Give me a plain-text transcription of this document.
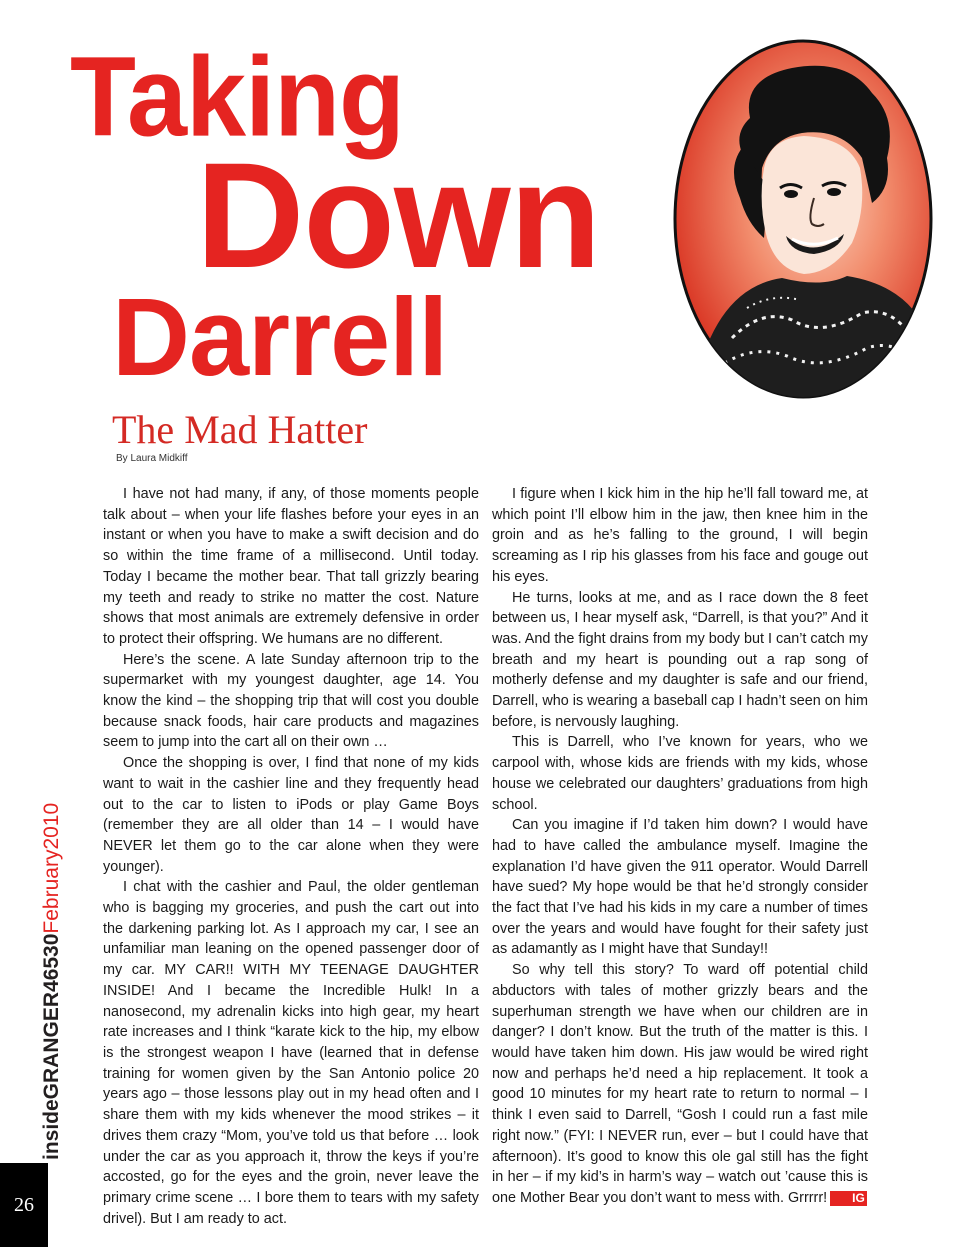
Taking
Down
Darrell
The Mad Hatter
By Laura Midkiff

I have not had many, if any, of those moments people talk about – when your life flashes before your eyes in an instant or when you have to make a swift decision and do so within the time frame of a millisecond. Until today. Today I became the mother bear. That tall grizzly bearing my teeth and ready to strike no matter the cost. Nature shows that most animals are extremely defensive in order to protect their offspring. We humans are no different.

Here’s the scene. A late Sunday afternoon trip to the supermarket with my youngest daughter, age 14. You know the kind – the shopping trip that will cost you double because snack foods, hair care products and magazines seem to jump into the cart all on their own …

Once the shopping is over, I find that none of my kids want to wait in the cashier line and they frequently head out to the car to listen to iPods or play Game Boys (remember they are all older than 14 – I would have NEVER let them go to the car alone when they were younger).

I chat with the cashier and Paul, the older gentleman who is bagging my groceries, and push the cart out into the darkening parking lot. As I approach my car, I see an unfamiliar man leaning on the opened passenger door of my car. MY CAR!! WITH MY TEENAGE DAUGHTER INSIDE! And I became the Incredible Hulk! In a nanosecond, my adrenalin kicks into high gear, my heart rate increases and I think “karate kick to the hip, my elbow is the strongest weapon I have (learned that in defense training for women given by the San Antonio police 20 years ago – those lessons play out in my head often and I share them with my kids whenever the mood strikes – it drives them crazy “Mom, you’ve told us that before … look under the car as you approach it, throw the keys if you’re accosted, go for the eyes and the groin, never leave the primary crime scene … I bore them to tears with my safety drivel). But I am ready to act.

I figure when I kick him in the hip he’ll fall toward me, at which point I’ll elbow him in the jaw, then knee him in the groin and as he’s falling to the ground, I will begin screaming as I rip his glasses from his face and gouge out his eyes.

He turns, looks at me, and as I race down the 8 feet between us, I hear myself ask, “Darrell, is that you?” And it was. And the fight drains from my body but I can’t catch my breath and my heart is pounding out a rap song of motherly defense and my daughter is safe and our friend, Darrell, who is wearing a baseball cap I hadn’t seen on him before, is nervously laughing.

This is Darrell, who I’ve known for years, who we carpool with, whose kids are friends with my kids, whose house we celebrated our daughters’ graduations from high school.

Can you imagine if I’d taken him down? I would have had to have called the ambulance myself. Imagine the explanation I’d have given the 911 operator. Would Darrell have sued? My hope would be that he’d strongly consider the fact that I’ve had his kids in my care a number of times over the years and would have fought for their safety just as adamantly as I might have that Sunday!!

So why tell this story? To ward off potential child abductors with tales of mother grizzly bears and the superhuman strength we have when our children are in danger? I don’t know. But the truth of the matter is this. I would have taken him down. His jaw would be wired right now and perhaps he’d need a hip replacement. It took a good 10 minutes for my heart rate to return to normal – I think I even said to Darrell, “Gosh I could run a fast mile right now.” (FYI: I NEVER run, ever – but I could have that afternoon). It’s good to know this ole gal still has the fight in her – if my kid’s in harm’s way – watch out ’cause this is one Mother Bear you don’t want to mess with. Grrrrr! IG

insideGRANGER46530February2010
26
